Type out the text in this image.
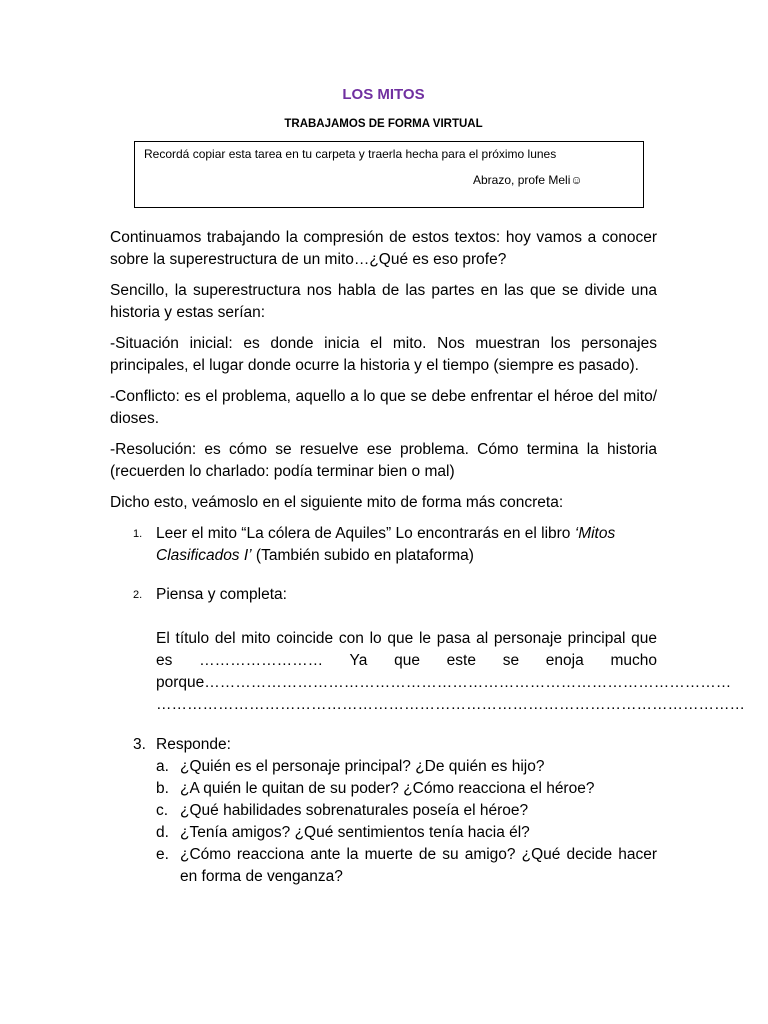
LOS MITOS
TRABAJAMOS DE FORMA VIRTUAL
Recordá copiar esta tarea en tu carpeta y traerla hecha para el próximo lunes
Abrazo, profe Meli☺

Continuamos trabajando la compresión de estos textos: hoy vamos a conocer sobre la superestructura de un mito…¿Qué es eso profe?

Sencillo, la superestructura nos habla de las partes en las que se divide una historia y estas serían:

-Situación inicial: es donde inicia el mito. Nos muestran los personajes principales, el lugar donde ocurre la historia y el tiempo (siempre es pasado).

-Conflicto: es el problema, aquello a lo que se debe enfrentar el héroe del mito/ dioses.

-Resolución: es cómo se resuelve ese problema. Cómo termina la historia (recuerden lo charlado: podía terminar bien o mal)

Dicho esto, veámoslo en el siguiente mito de forma más concreta:

1. Leer el mito “La cólera de Aquiles” Lo encontrarás en el libro ‘Mitos Clasificados I’ (También subido en plataforma)
2. Piensa y completa:
El título del mito coincide con lo que le pasa al personaje principal que es …………………… Ya que este se enoja mucho porque…………………………………………………………………………………………
……………………………………………………………………………………………………
3. Responde:
a. ¿Quién es el personaje principal? ¿De quién es hijo?
b. ¿A quién le quitan de su poder? ¿Cómo reacciona el héroe?
c. ¿Qué habilidades sobrenaturales poseía el héroe?
d. ¿Tenía amigos? ¿Qué sentimientos tenía hacia él?
e. ¿Cómo reacciona ante la muerte de su amigo? ¿Qué decide hacer en forma de venganza?
